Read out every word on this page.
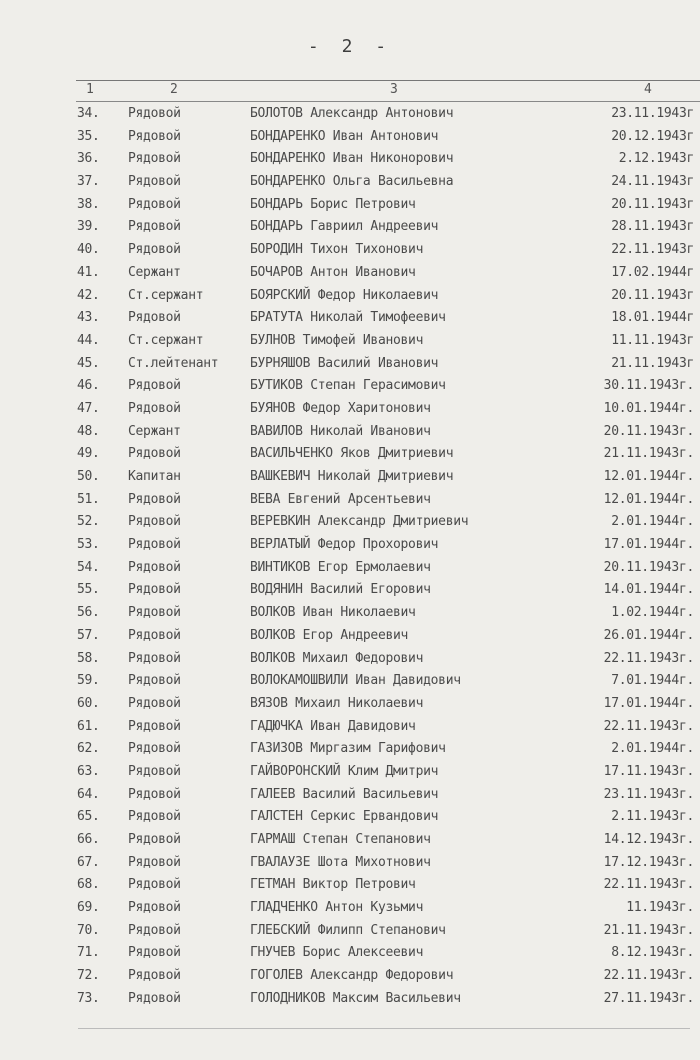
- 2 -
1	2	3	4
34.	Рядовой	БОЛОТОВ Александр Антонович	23.11.1943г
35.	Рядовой	БОНДАРЕНКО Иван Антонович	20.12.1943г
36.	Рядовой	БОНДАРЕНКО Иван Никонорович	2.12.1943г
37.	Рядовой	БОНДАРЕНКО Ольга Васильевна	24.11.1943г
38.	Рядовой	БОНДАРЬ Борис Петрович	20.11.1943г
39.	Рядовой	БОНДАРЬ Гавриил Андреевич	28.11.1943г
40.	Рядовой	БОРОДИН Тихон Тихонович	22.11.1943г
41.	Сержант	БОЧАРОВ Антон Иванович	17.02.1944г
42.	Ст.сержант	БОЯРСКИЙ Федор Николаевич	20.11.1943г
43.	Рядовой	БРАТУТА Николай Тимофеевич	18.01.1944г
44.	Ст.сержант	БУЛНОВ Тимофей Иванович	11.11.1943г
45.	Ст.лейтенант	БУРНЯШОВ Василий Иванович	21.11.1943г
46.	Рядовой	БУТИКОВ Степан Герасимович	30.11.1943г.
47.	Рядовой	БУЯНОВ Федор Харитонович	10.01.1944г.
48.	Сержант	ВАВИЛОВ Николай Иванович	20.11.1943г.
49.	Рядовой	ВАСИЛЬЧЕНКО Яков Дмитриевич	21.11.1943г.
50.	Капитан	ВАШКЕВИЧ Николай Дмитриевич	12.01.1944г.
51.	Рядовой	ВЕВА Евгений Арсентьевич	12.01.1944г.
52.	Рядовой	ВЕРЕВКИН Александр Дмитриевич	2.01.1944г.
53.	Рядовой	ВЕРЛАТЫЙ Федор Прохорович	17.01.1944г.
54.	Рядовой	ВИНТИКОВ Егор Ермолаевич	20.11.1943г.
55.	Рядовой	ВОДЯНИН Василий Егорович	14.01.1944г.
56.	Рядовой	ВОЛКОВ Иван Николаевич	1.02.1944г.
57.	Рядовой	ВОЛКОВ Егор Андреевич	26.01.1944г.
58.	Рядовой	ВОЛКОВ Михаил Федорович	22.11.1943г.
59.	Рядовой	ВОЛОКАМОШВИЛИ Иван Давидович	7.01.1944г.
60.	Рядовой	ВЯЗОВ Михаил Николаевич	17.01.1944г.
61.	Рядовой	ГАДЮЧКА Иван Давидович	22.11.1943г.
62.	Рядовой	ГАЗИЗОВ Миргазим Гарифович	2.01.1944г.
63.	Рядовой	ГАЙВОРОНСКИЙ Клим Дмитрич	17.11.1943г.
64.	Рядовой	ГАЛЕЕВ Василий Васильевич	23.11.1943г.
65.	Рядовой	ГАЛСТЕН Серкис Ервандович	2.11.1943г.
66.	Рядовой	ГАРМАШ Степан Степанович	14.12.1943г.
67.	Рядовой	ГВАЛАУЗЕ Шота Михотнович	17.12.1943г.
68.	Рядовой	ГЕТМАН Виктор Петрович	22.11.1943г.
69.	Рядовой	ГЛАДЧЕНКО Антон Кузьмич	11.1943г.
70.	Рядовой	ГЛЕБСКИЙ Филипп Степанович	21.11.1943г.
71.	Рядовой	ГНУЧЕВ Борис Алексеевич	8.12.1943г.
72.	Рядовой	ГОГОЛЕВ Александр Федорович	22.11.1943г.
73.	Рядовой	ГОЛОДНИКОВ Максим Васильевич	27.11.1943г.
